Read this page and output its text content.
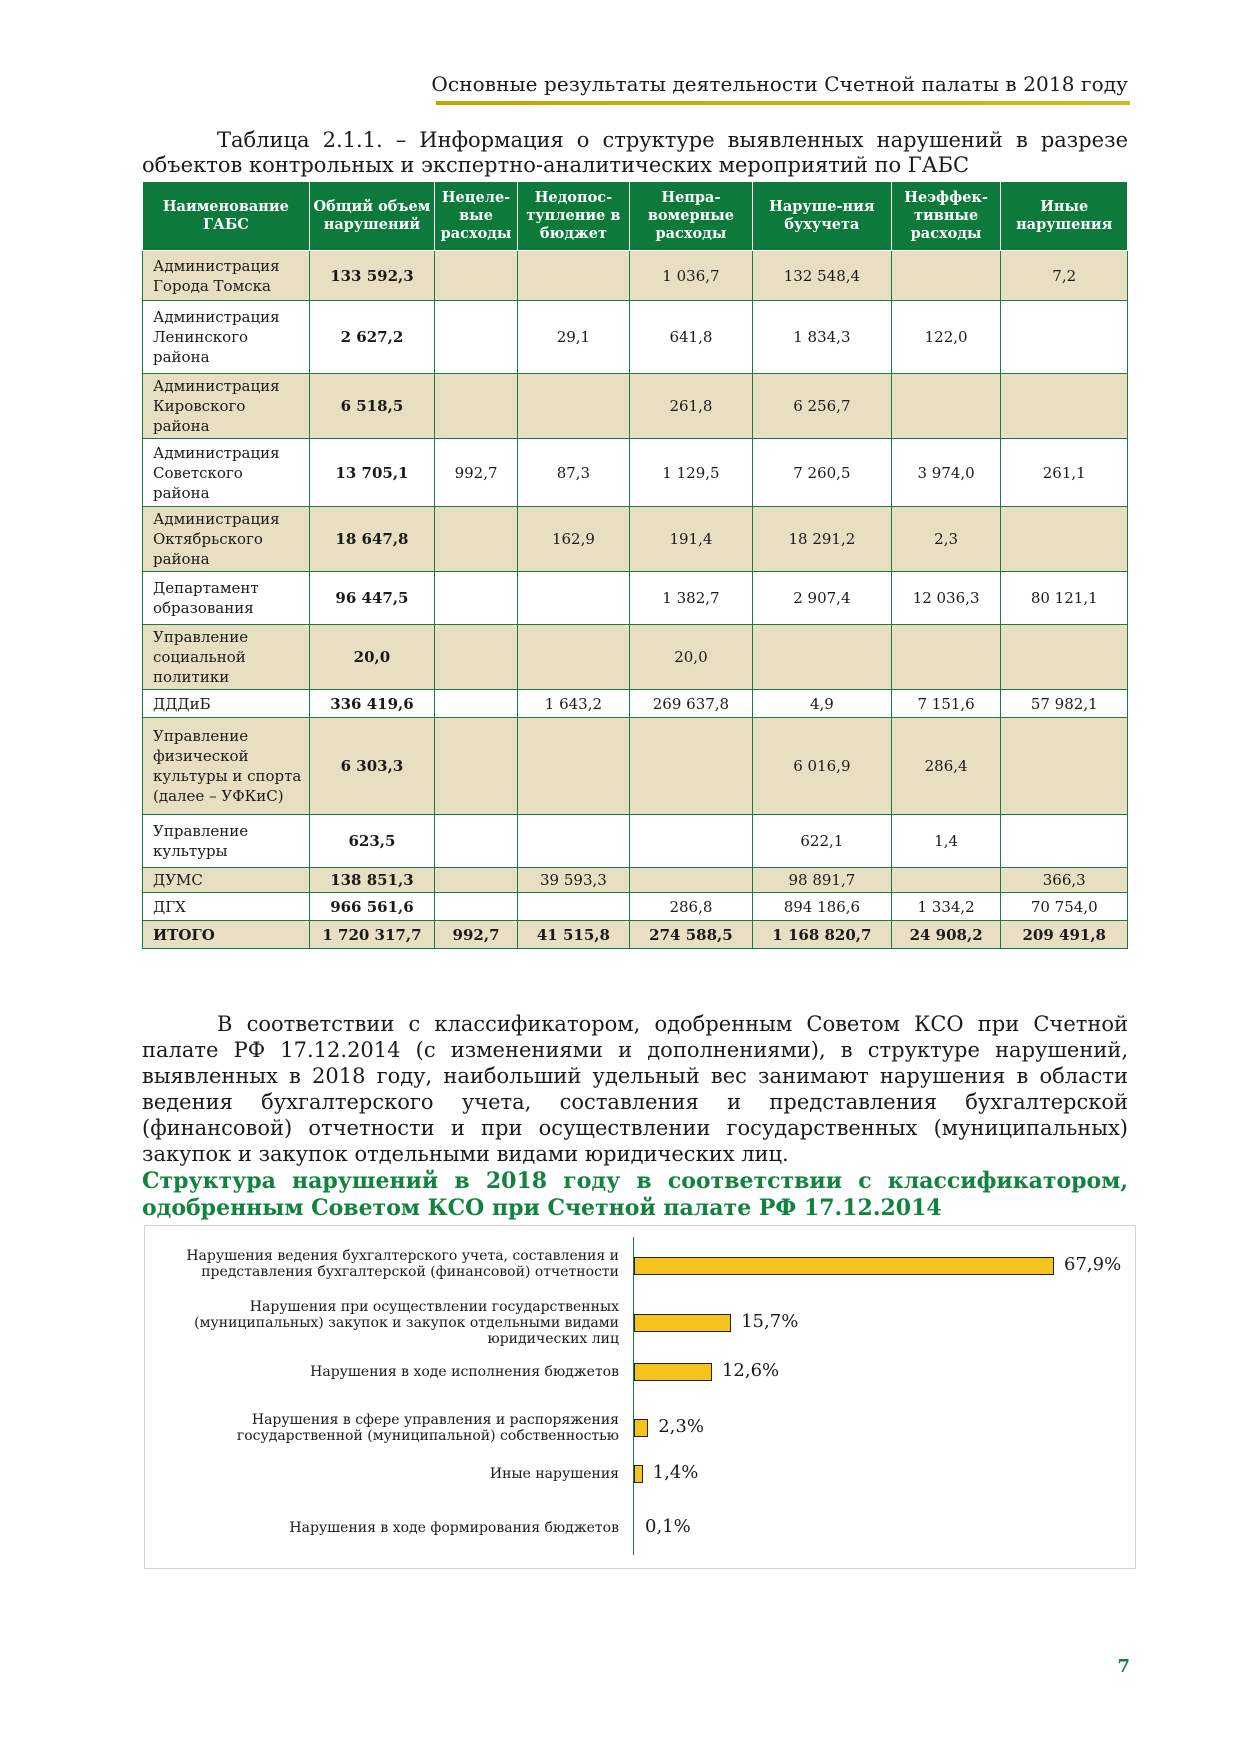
Основные результаты деятельности Счетной палаты в 2018 году
Таблица 2.1.1. – Информация о структуре выявленных нарушений в разрезе объектов контрольных и экспертно-аналитических мероприятий по ГАБС
Наименование ГАБС	Общий объем нарушений	Нецеле-вые расходы	Недопос-тупление в бюджет	Непра-вомерные расходы	Наруше-ния бухучета	Неэффек-тивные расходы	Иные нарушения
Администрация Города Томска	133 592,3			1 036,7	132 548,4		7,2
Администрация Ленинского района	2 627,2		29,1	641,8	1 834,3	122,0	
Администрация Кировского района	6 518,5			261,8	6 256,7		
Администрация Советского района	13 705,1	992,7	87,3	1 129,5	7 260,5	3 974,0	261,1
Администрация Октябрьского района	18 647,8		162,9	191,4	18 291,2	2,3	
Департамент образования	96 447,5			1 382,7	2 907,4	12 036,3	80 121,1
Управление социальной политики	20,0			20,0			
ДДДиБ	336 419,6		1 643,2	269 637,8	4,9	7 151,6	57 982,1
Управление физической культуры и спорта (далее – УФКиС)	6 303,3				6 016,9	286,4	
Управление культуры	623,5				622,1	1,4	
ДУМС	138 851,3		39 593,3		98 891,7		366,3
ДГХ	966 561,6			286,8	894 186,6	1 334,2	70 754,0
ИТОГО	1 720 317,7	992,7	41 515,8	274 588,5	1 168 820,7	24 908,2	209 491,8
В соответствии с классификатором, одобренным Советом КСО при Счетной палате РФ 17.12.2014 (с изменениями и дополнениями), в структуре нарушений, выявленных в 2018 году, наибольший удельный вес занимают нарушения в области ведения бухгалтерского учета, составления и представления бухгалтерской (финансовой) отчетности и при осуществлении государственных (муниципальных) закупок и закупок отдельными видами юридических лиц.
Структура нарушений в 2018 году в соответствии с классификатором, одобренным Советом КСО при Счетной палате РФ 17.12.2014
Нарушения ведения бухгалтерского учета, составления и представления бухгалтерской (финансовой) отчетности	67,9%
Нарушения при осуществлении государственных (муниципальных) закупок и закупок отдельными видами юридических лиц
15,7%
Нарушения в ходе исполнения бюджетов	12,6%
Нарушения в сфере управления и распоряжения государственной (муниципальной) собственностью 2,3%
Иные нарушения 1,4%
Нарушения в ходе формирования бюджетов 0,1%
7
